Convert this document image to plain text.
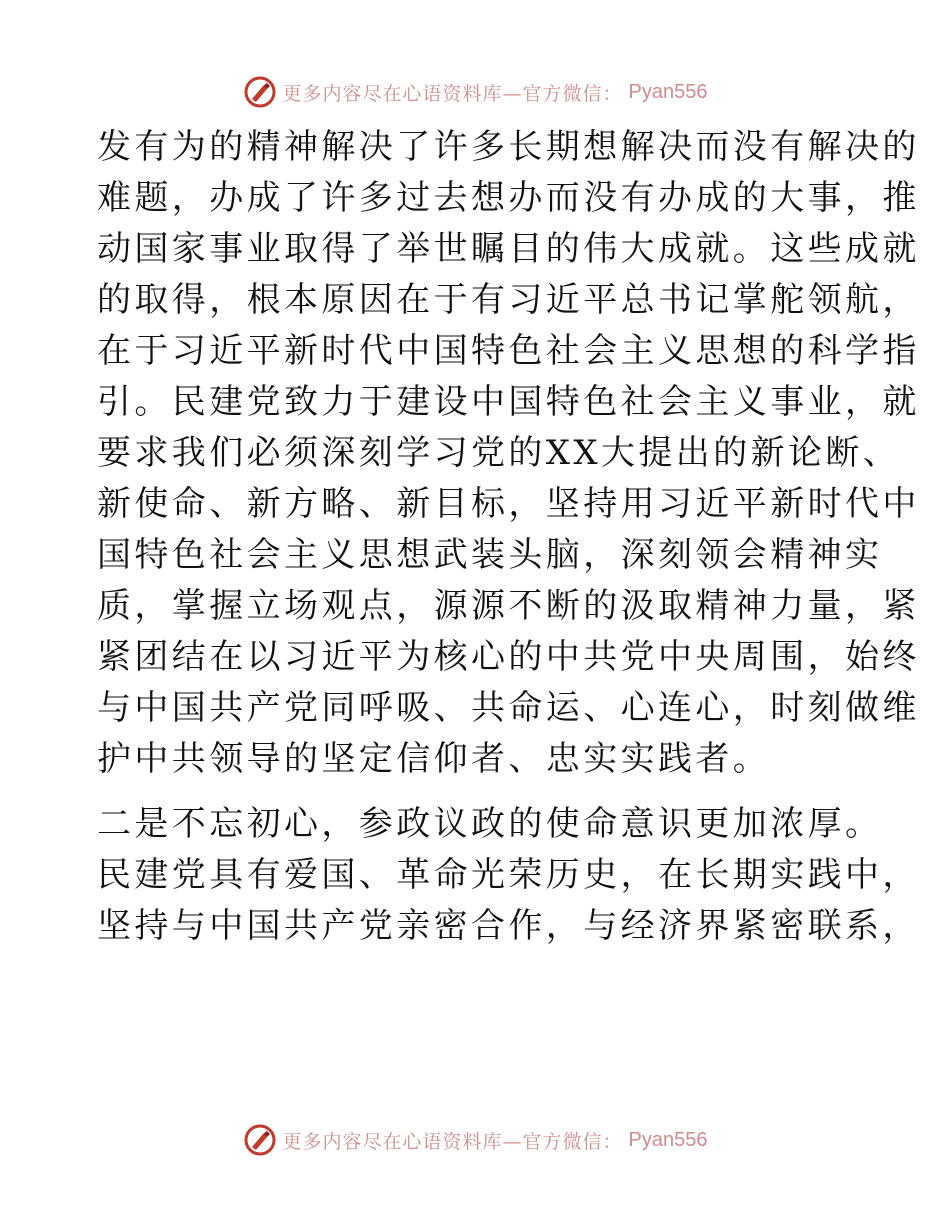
更多内容尽在心语资料库—官方微信： Pyan556
发有为的精神解决了许多长期想解决而没有解决的
难题，办成了许多过去想办而没有办成的大事，推
动国家事业取得了举世瞩目的伟大成就。这些成就
的取得，根本原因在于有习近平总书记掌舵领航，
在于习近平新时代中国特色社会主义思想的科学指
引。民建党致力于建设中国特色社会主义事业，就
要求我们必须深刻学习党的XX大提出的新论断、
新使命、新方略、新目标，坚持用习近平新时代中
国特色社会主义思想武装头脑，深刻领会精神实
质，掌握立场观点，源源不断的汲取精神力量，紧
紧团结在以习近平为核心的中共党中央周围，始终
与中国共产党同呼吸、共命运、心连心，时刻做维
护中共领导的坚定信仰者、忠实实践者。
二是不忘初心，参政议政的使命意识更加浓厚。
民建党具有爱国、革命光荣历史，在长期实践中，
坚持与中国共产党亲密合作，与经济界紧密联系，
更多内容尽在心语资料库—官方微信： Pyan556
